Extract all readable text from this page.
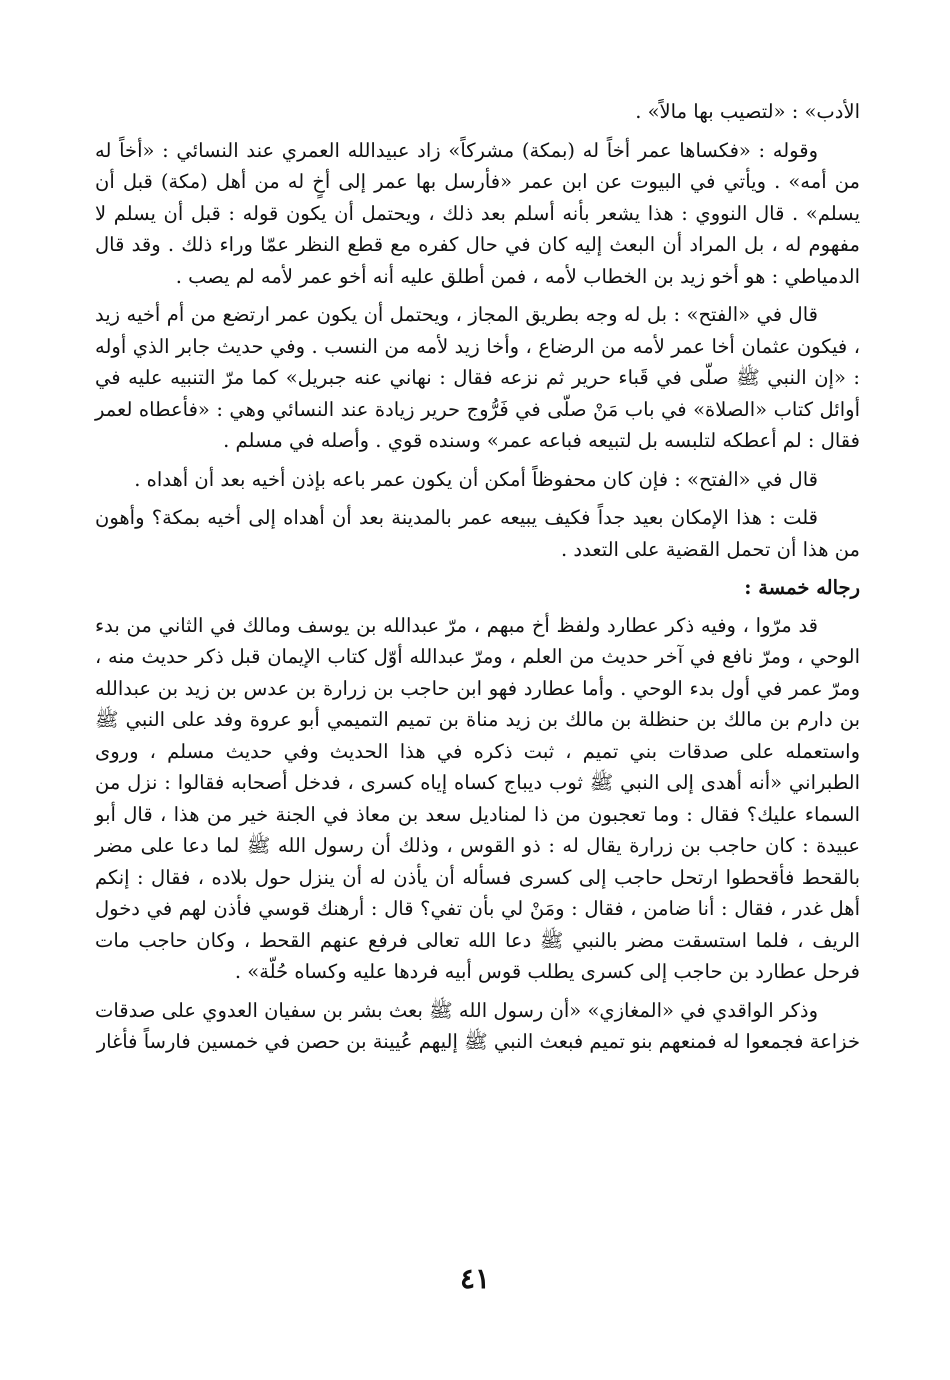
الأدب» : «لتصيب بها مالاً» .

وقوله : «فكساها عمر أخاً له (بمكة) مشركاً» زاد عبيدالله العمري عند النسائي : «أخاً له من أمه» . ويأتي في البيوت عن ابن عمر «فأرسل بها عمر إلى أخٍ له من أهل (مكة) قبل أن يسلم» . قال النووي : هذا يشعر بأنه أسلم بعد ذلك ، ويحتمل أن يكون قوله : قبل أن يسلم لا مفهوم له ، بل المراد أن البعث إليه كان في حال كفره مع قطع النظر عمّا وراء ذلك . وقد قال الدمياطي : هو أخو زيد بن الخطاب لأمه ، فمن أطلق عليه أنه أخو عمر لأمه لم يصب .

قال في «الفتح» : بل له وجه بطريق المجاز ، ويحتمل أن يكون عمر ارتضع من أم أخيه زيد ، فيكون عثمان أخا عمر لأمه من الرضاع ، وأخا زيد لأمه من النسب . وفي حديث جابر الذي أوله : «إن النبي ﷺ صلّى في قَباء حرير ثم نزعه فقال : نهاني عنه جبريل» كما مرّ التنبيه عليه في أوائل كتاب «الصلاة» في باب مَنْ صلّى في فَرُّوج حرير زيادة عند النسائي وهي : «فأعطاه لعمر فقال : لم أعطكه لتلبسه بل لتبيعه فباعه عمر» وسنده قوي . وأصله في مسلم .

قال في «الفتح» : فإن كان محفوظاً أمكن أن يكون عمر باعه بإذن أخيه بعد أن أهداه .

قلت : هذا الإمكان بعيد جداً فكيف يبيعه عمر بالمدينة بعد أن أهداه إلى أخيه بمكة؟ وأهون من هذا أن تحمل القضية على التعدد .

رجاله خمسة :

قد مرّوا ، وفيه ذكر عطارد ولفظ أخ مبهم ، مرّ عبدالله بن يوسف ومالك في الثاني من بدء الوحي ، ومرّ نافع في آخر حديث من العلم ، ومرّ عبدالله أوّل كتاب الإيمان قبل ذكر حديث منه ، ومرّ عمر في أول بدء الوحي . وأما عطارد فهو ابن حاجب بن زرارة بن عدس بن زيد بن عبدالله بن دارم بن مالك بن حنظلة بن مالك بن زيد مناة بن تميم التميمي أبو عروة وفد على النبي ﷺ واستعمله على صدقات بني تميم ، ثبت ذكره في هذا الحديث وفي حديث مسلم ، وروى الطبراني «أنه أهدى إلى النبي ﷺ ثوب ديباج كساه إياه كسرى ، فدخل أصحابه فقالوا : نزل من السماء عليك؟ فقال : وما تعجبون من ذا لمناديل سعد بن معاذ في الجنة خير من هذا ، قال أبو عبيدة : كان حاجب بن زرارة يقال له : ذو القوس ، وذلك أن رسول الله ﷺ لما دعا على مضر بالقحط فأقحطوا ارتحل حاجب إلى كسرى فسأله أن يأذن له أن ينزل حول بلاده ، فقال : إنكم أهل غدر ، فقال : أنا ضامن ، فقال : ومَنْ لي بأن تفي؟ قال : أرهنك قوسي فأذن لهم في دخول الريف ، فلما استسقت مضر بالنبي ﷺ دعا الله تعالى فرفع عنهم القحط ، وكان حاجب مات فرحل عطارد بن حاجب إلى كسرى يطلب قوس أبيه فردها عليه وكساه حُلّة» .

وذكر الواقدي في «المغازي» «أن رسول الله ﷺ بعث بشر بن سفيان العدوي على صدقات خزاعة فجمعوا له فمنعهم بنو تميم فبعث النبي ﷺ إليهم عُيينة بن حصن في خمسين فارساً فأغار

٤١
